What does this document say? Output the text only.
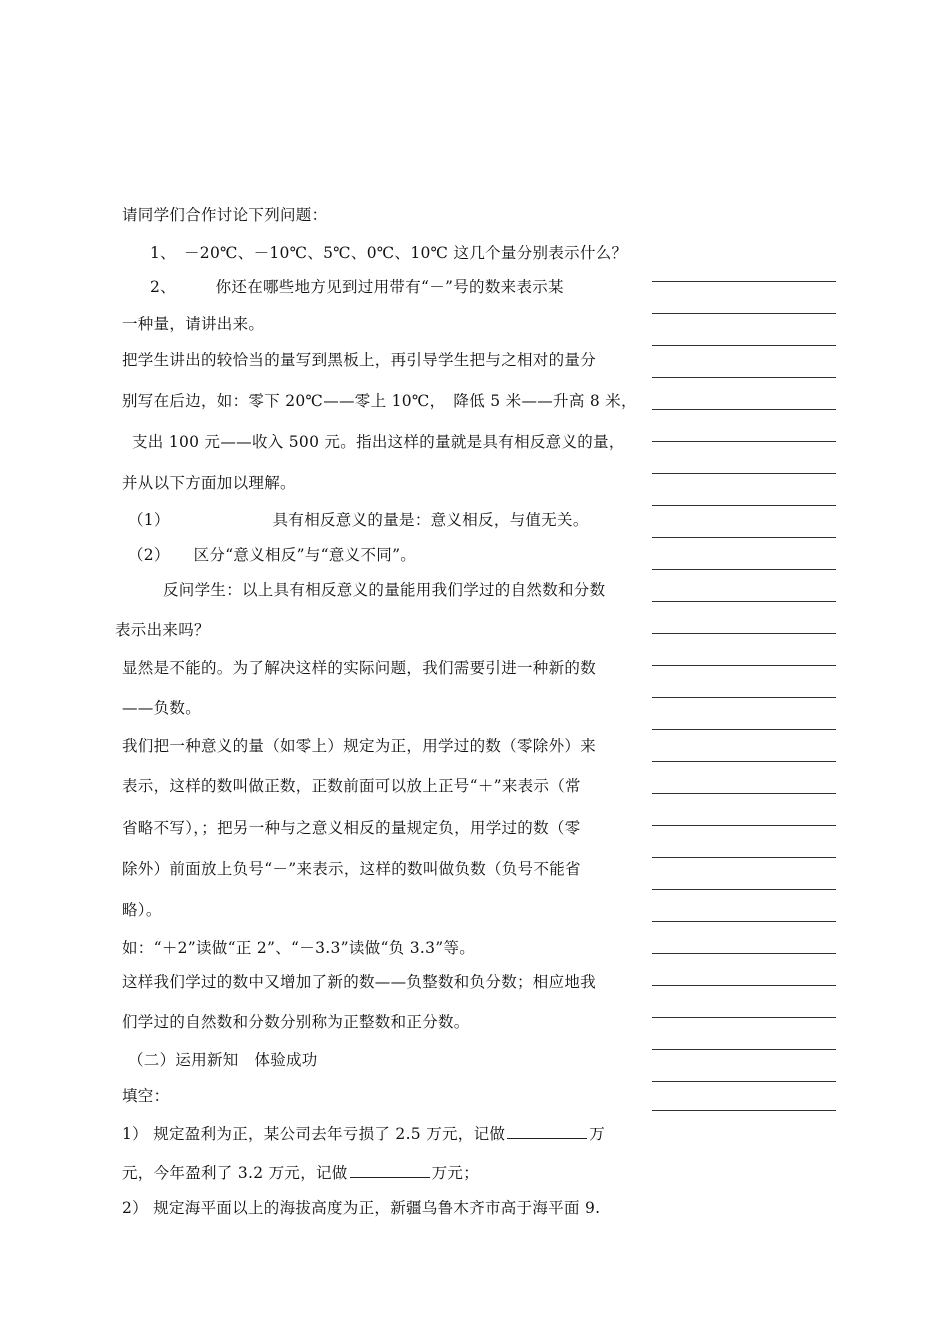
请同学们合作讨论下列问题：
1、　－20℃、－10℃、5℃、0℃、10℃ 这几个量分别表示什么？
2、　　　你还在哪些地方见到过用带有“－”号的数来表示某
一种量，请讲出来。
把学生讲出的较恰当的量写到黑板上，再引导学生把与之相对的量分
别写在后边，如：零下 20℃——零上 10℃，　降低 5 米——升高 8 米，
支出 100 元——收入 500 元。指出这样的量就是具有相反意义的量，
并从以下方面加以理解。
（1）　　　　　　　具有相反意义的量是：意义相反，与值无关。
（2）　　区分“意义相反”与“意义不同”。
反问学生：以上具有相反意义的量能用我们学过的自然数和分数
表示出来吗？
显然是不能的。为了解决这样的实际问题，我们需要引进一种新的数
——负数。
我们把一种意义的量（如零上）规定为正，用学过的数（零除外）来
表示，这样的数叫做正数，正数前面可以放上正号“＋”来表示（常
省略不写），；把另一种与之意义相反的量规定负，用学过的数（零
除外）前面放上负号“－”来表示，这样的数叫做负数（负号不能省
略）。
如：“＋2”读做“正 2”、“－3.3”读做“负 3.3”等。
这样我们学过的数中又增加了新的数——负整数和负分数；相应地我
们学过的自然数和分数分别称为正整数和正分数。
（二）运用新知　体验成功
填空：
1） 规定盈利为正，某公司去年亏损了 2.5 万元，记做	万
元，今年盈利了 3.2 万元，记做	万元；
2） 规定海平面以上的海拔高度为正，新疆乌鲁木齐市高于海平面 9.
